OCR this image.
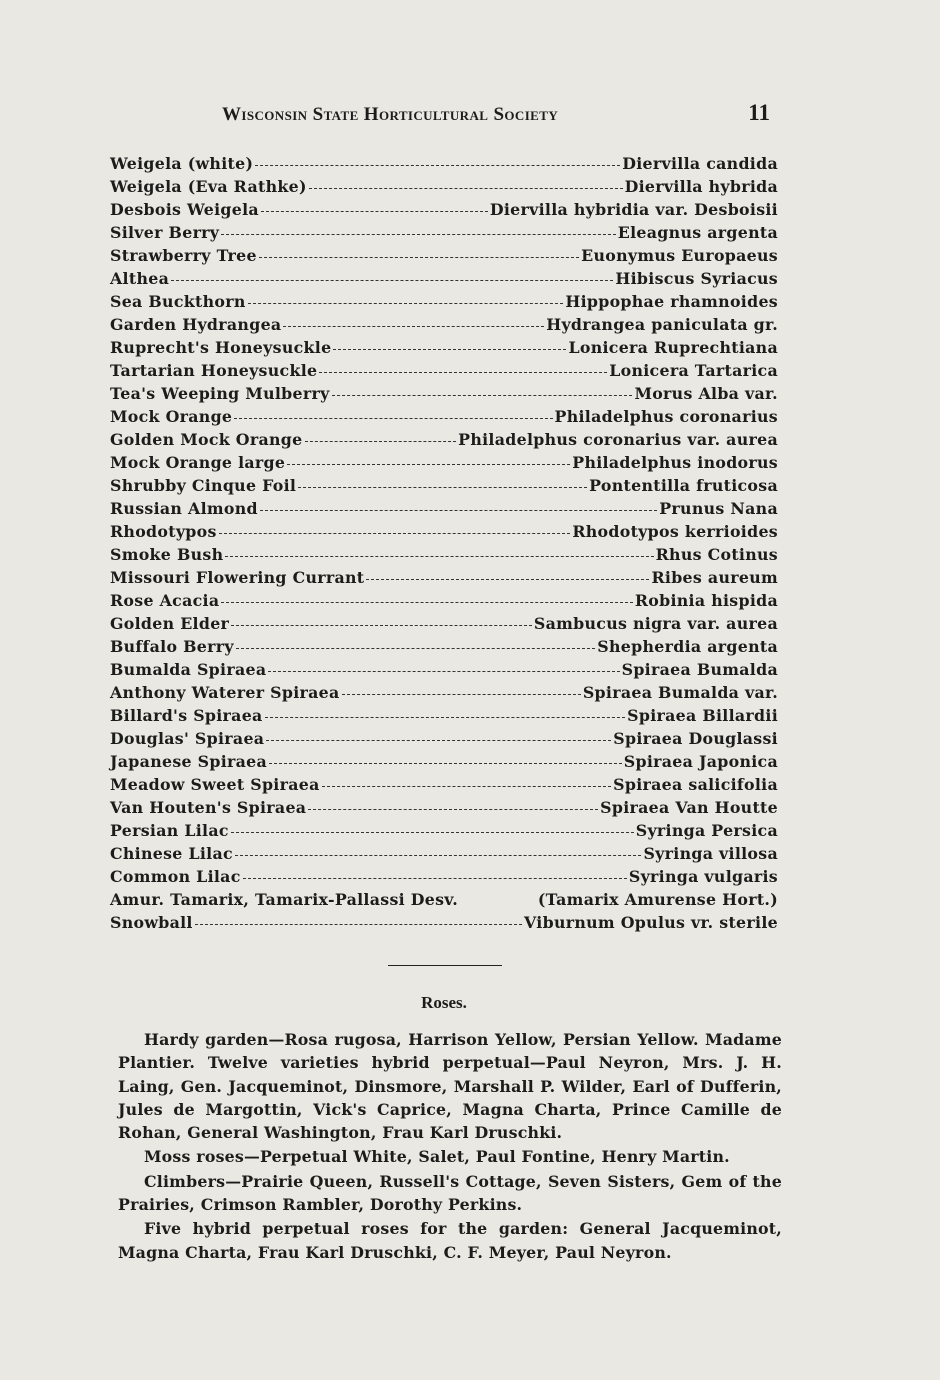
Wisconsin State Horticultural Society	11
Weigela (white)	Diervilla candida
Weigela (Eva Rathke)	Diervilla hybrida
Desbois Weigela	Diervilla hybridia var. Desboisii
Silver Berry	Eleagnus argenta
Strawberry Tree	Euonymus Europaeus
Althea	Hibiscus Syriacus
Sea Buckthorn	Hippophae rhamnoides
Garden Hydrangea	Hydrangea paniculata gr.
Ruprecht's Honeysuckle	Lonicera Ruprechtiana
Tartarian Honeysuckle	Lonicera Tartarica
Tea's Weeping Mulberry	Morus Alba var.
Mock Orange	Philadelphus coronarius
Golden Mock Orange	Philadelphus coronarius var. aurea
Mock Orange large	Philadelphus inodorus
Shrubby Cinque Foil	Pontentilla fruticosa
Russian Almond	Prunus Nana
Rhodotypos	Rhodotypos kerrioides
Smoke Bush	Rhus Cotinus
Missouri Flowering Currant	Ribes aureum
Rose Acacia	Robinia hispida
Golden Elder	Sambucus nigra var. aurea
Buffalo Berry	Shepherdia argenta
Bumalda Spiraea	Spiraea Bumalda
Anthony Waterer Spiraea	Spiraea Bumalda var.
Billard's Spiraea	Spiraea Billardii
Douglas' Spiraea	Spiraea Douglassi
Japanese Spiraea	Spiraea Japonica
Meadow Sweet Spiraea	Spiraea salicifolia
Van Houten's Spiraea	Spiraea Van Houtte
Persian Lilac	Syringa Persica
Chinese Lilac	Syringa villosa
Common Lilac	Syringa vulgaris
Amur. Tamarix, Tamarix-Pallassi Desv.	(Tamarix Amurense Hort.)
Snowball	Viburnum Opulus vr. sterile
Roses.

Hardy garden—Rosa rugosa, Harrison Yellow, Persian Yellow. Madame Plantier. Twelve varieties hybrid perpetual—Paul Neyron, Mrs. J. H. Laing, Gen. Jacqueminot, Dinsmore, Marshall P. Wilder, Earl of Dufferin, Jules de Margottin, Vick's Caprice, Magna Charta, Prince Camille de Rohan, General Washington, Frau Karl Druschki.

Moss roses—Perpetual White, Salet, Paul Fontine, Henry Martin.

Climbers—Prairie Queen, Russell's Cottage, Seven Sisters, Gem of the Prairies, Crimson Rambler, Dorothy Perkins.

Five hybrid perpetual roses for the garden: General Jacqueminot, Magna Charta, Frau Karl Druschki, C. F. Meyer, Paul Neyron.
